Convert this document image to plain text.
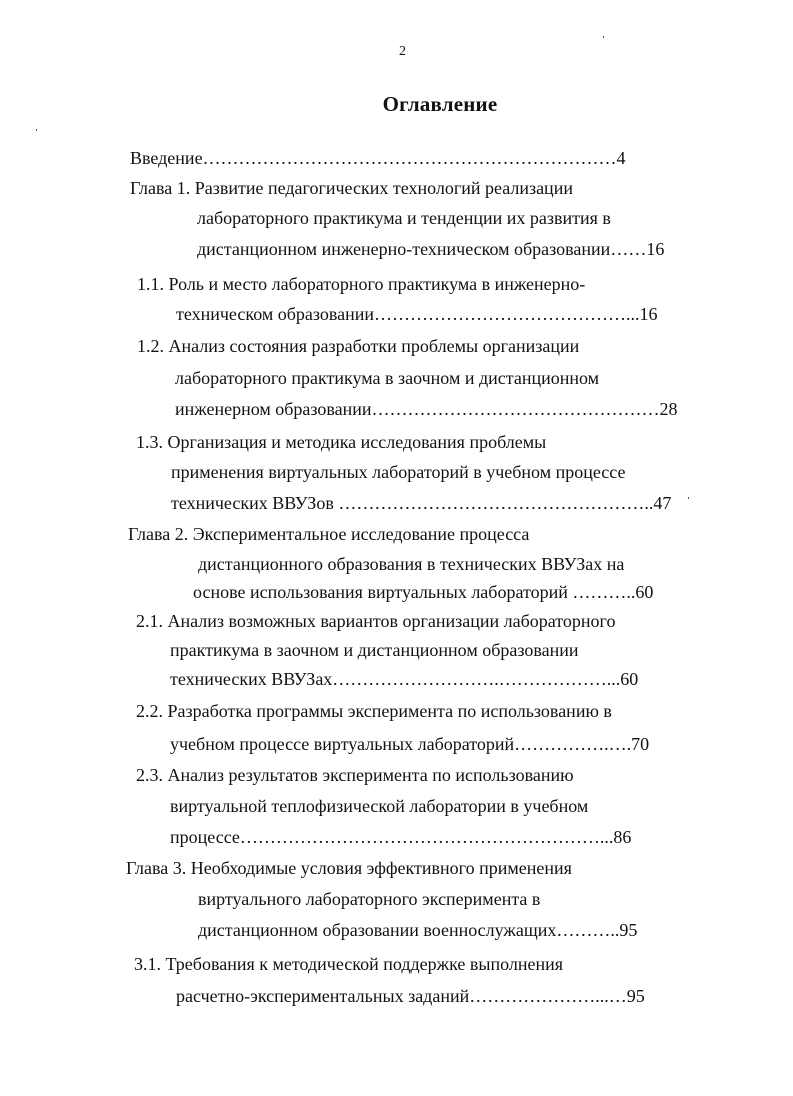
2
Оглавление
Введение……………………………………………………………4
Глава 1. Развитие педагогических технологий реализации
лабораторного практикума и тенденции их развития в
дистанционном инженерно-техническом образовании……16
1.1. Роль и место лабораторного практикума в инженерно-
техническом образовании……………………………………...16
1.2. Анализ состояния разработки проблемы организации
лабораторного практикума в заочном и дистанционном
инженерном образовании…………………………………………28
1.3. Организация и методика исследования проблемы
применения виртуальных лабораторий в учебном процессе
технических ВВУЗов ……………………………………………..47
Глава 2. Экспериментальное исследование процесса
дистанционного образования в технических ВВУЗах на
основе использования виртуальных лабораторий ………..60
2.1. Анализ возможных вариантов организации лабораторного
практикума в заочном и дистанционном образовании
технических ВВУЗах……………………….………………...60
2.2. Разработка программы эксперимента по использованию в
учебном процессе виртуальных лабораторий…………….….70
2.3. Анализ результатов эксперимента по использованию
виртуальной теплофизической лаборатории в учебном
процессе……………………………………………………...86
Глава 3. Необходимые условия эффективного применения
виртуального лабораторного эксперимента в
дистанционном образовании военнослужащих………..95
3.1. Требования к методической поддержке выполнения
расчетно-экспериментальных заданий…………………...…95
